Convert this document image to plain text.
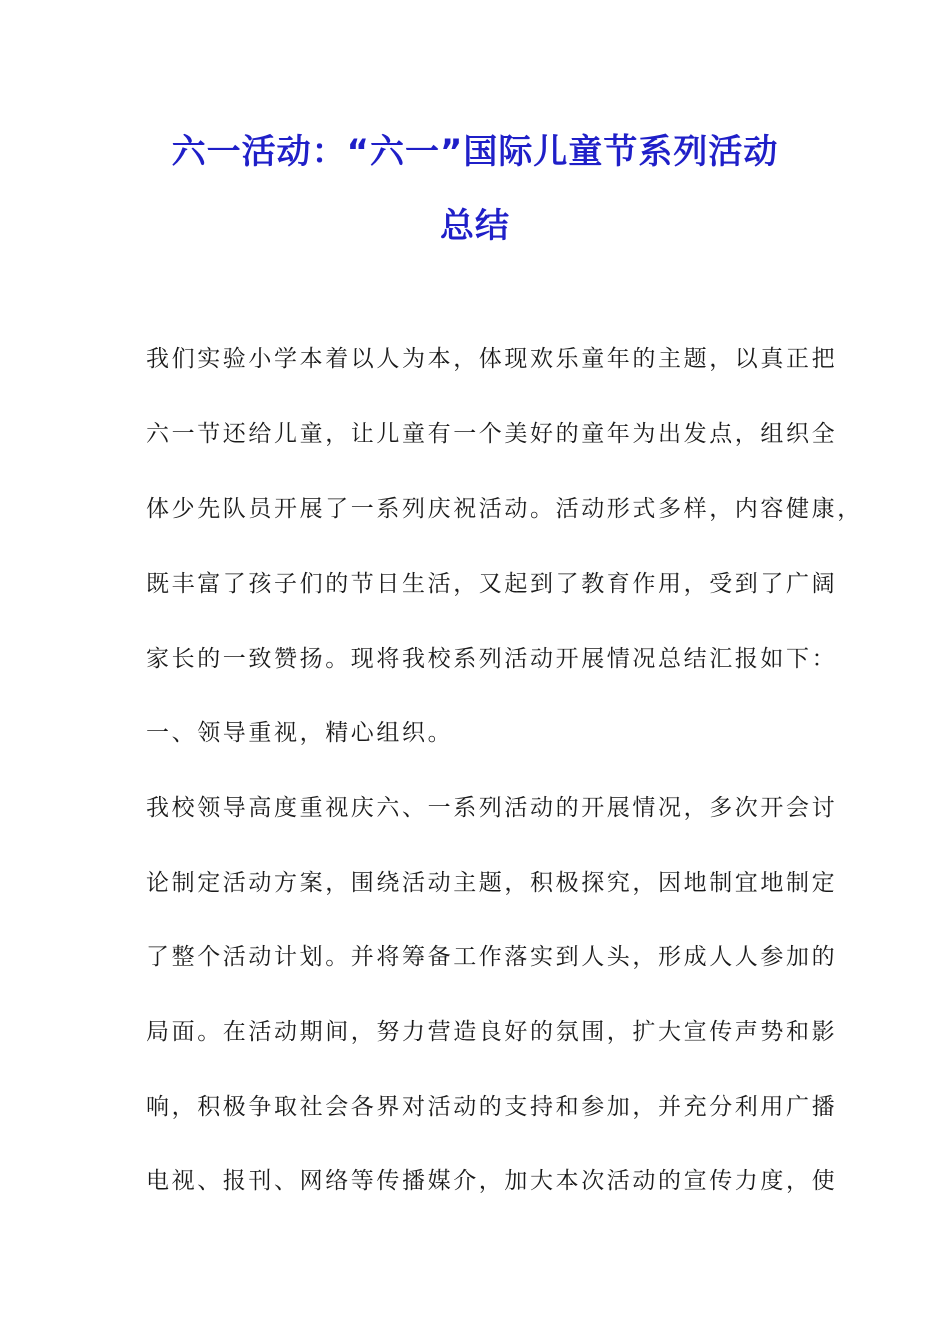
六一活动：“六一”国际儿童节系列活动
总结
我们实验小学本着以人为本，体现欢乐童年的主题，以真正把
六一节还给儿童，让儿童有一个美好的童年为出发点，组织全
体少先队员开展了一系列庆祝活动。活动形式多样，内容健康，
既丰富了孩子们的节日生活，又起到了教育作用，受到了广阔
家长的一致赞扬。现将我校系列活动开展情况总结汇报如下：
一、领导重视，精心组织。
我校领导高度重视庆六、一系列活动的开展情况，多次开会讨
论制定活动方案，围绕活动主题，积极探究，因地制宜地制定
了整个活动计划。并将筹备工作落实到人头，形成人人参加的
局面。在活动期间，努力营造良好的氛围，扩大宣传声势和影
响，积极争取社会各界对活动的支持和参加，并充分利用广播
电视、报刊、网络等传播媒介，加大本次活动的宣传力度，使
